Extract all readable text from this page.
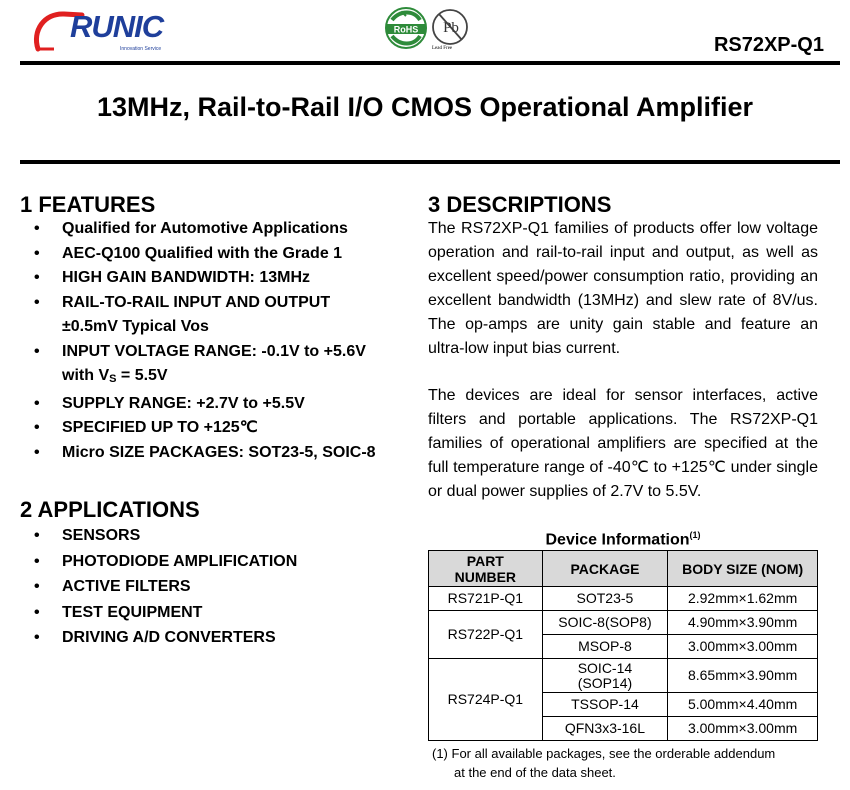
RUNIC
Innovation Service
RoHS Pb
Lead Free	RS72XP-Q1
13MHz, Rail-to-Rail I/O CMOS Operational Amplifier
1 FEATURES
• Qualified for Automotive Applications
• AEC-Q100 Qualified with the Grade 1
• HIGH GAIN BANDWIDTH: 13MHz
• RAIL-TO-RAIL INPUT AND OUTPUT
±0.5mV Typical Vos
• INPUT VOLTAGE RANGE: -0.1V to +5.6V
with $V_S = 5.5V$
• SUPPLY RANGE: +2.7V to +5.5V
• SPECIFIED UP TO +125℃
• Micro SIZE PACKAGES: SOT23-5, SOIC-8
2 APPLICATIONS
• SENSORS
• PHOTODIODE AMPLIFICATION
• ACTIVE FILTERS
• TEST EQUIPMENT
• DRIVING A/D CONVERTERS
3 DESCRIPTIONS

The RS72XP-Q1 families of products offer low voltage operation and rail-to-rail input and output, as well as excellent speed/power consumption ratio, providing an excellent bandwidth (13MHz) and slew rate of 8V/us. The op-amps are unity gain stable and feature an ultra-low input bias current.

The devices are ideal for sensor interfaces, active filters and portable applications. The RS72XP-Q1 families of operational amplifiers are specified at the full temperature range of -40℃ to +125℃ under single or dual power supplies of 2.7V to 5.5V.

Device Information$^{(1)}$
PART
NUMBER	PACKAGE	BODY SIZE (NOM)
RS721P-Q1	SOT23-5	2.92mm×1.62mm
RS722P-Q1	SOIC-8(SOP8)	4.90mm×3.90mm
	MSOP-8	3.00mm×3.00mm
RS724P-Q1	SOIC-14
(SOP14)	8.65mm×3.90mm
	TSSOP-14	5.00mm×4.40mm
	QFN3x3-16L	3.00mm×3.00mm
(1) For all available packages, see the orderable addendum
at the end of the data sheet.
